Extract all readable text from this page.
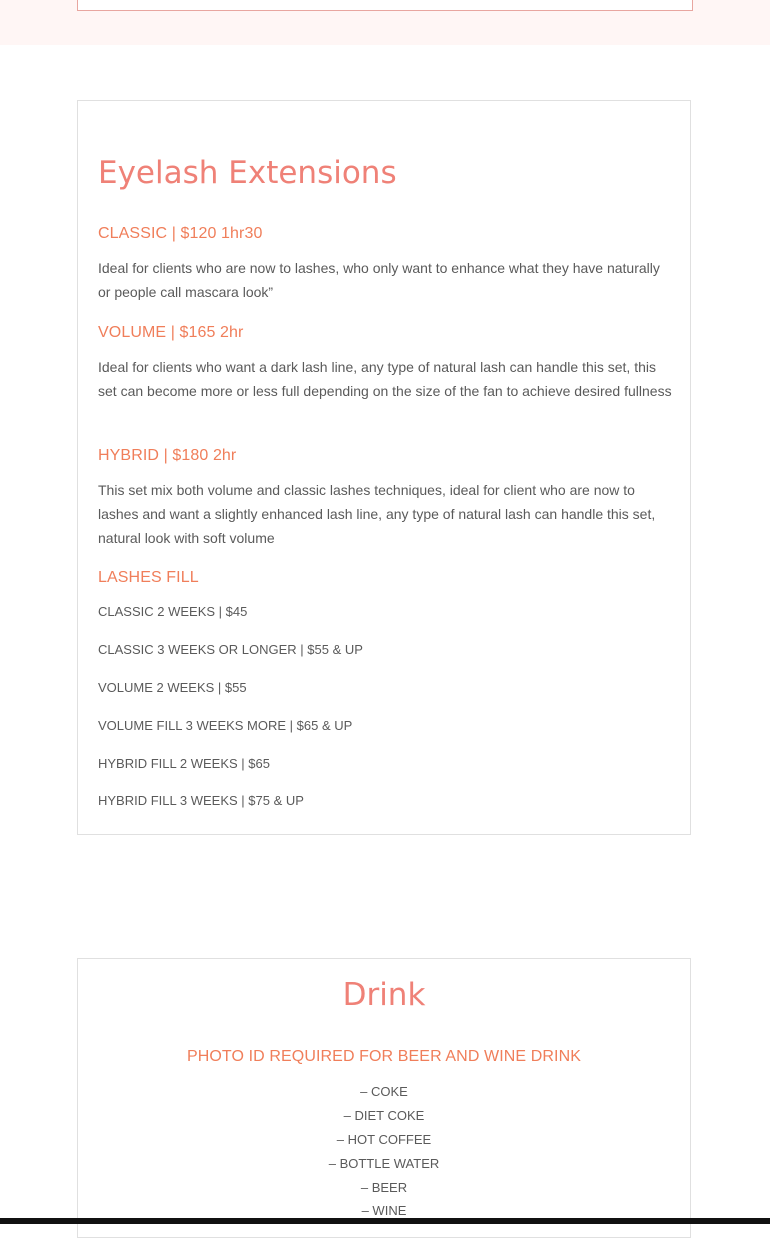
Eyelash Extensions
CLASSIC | $120 1hr30

Ideal for clients who are now to lashes, who only want to enhance what they have naturally or people call mascara look”

VOLUME | $165 2hr

Ideal for clients who want a dark lash line, any type of natural lash can handle this set, this set can become more or less full depending on the size of the fan to achieve desired fullness

HYBRID | $180 2hr

This set mix both volume and classic lashes techniques, ideal for client who are now to lashes and want a slightly enhanced lash line, any type of natural lash can handle this set, natural look with soft volume

LASHES FILL

CLASSIC 2 WEEKS | $45

CLASSIC 3 WEEKS OR LONGER | $55 & UP

VOLUME 2 WEEKS | $55

VOLUME FILL 3 WEEKS MORE | $65 & UP

HYBRID FILL 2 WEEKS | $65

HYBRID FILL 3 WEEKS | $75 & UP

Drink
PHOTO ID REQUIRED FOR BEER AND WINE DRINK

– COKE

– DIET COKE

– HOT COFFEE

– BOTTLE WATER

– BEER

– WINE
